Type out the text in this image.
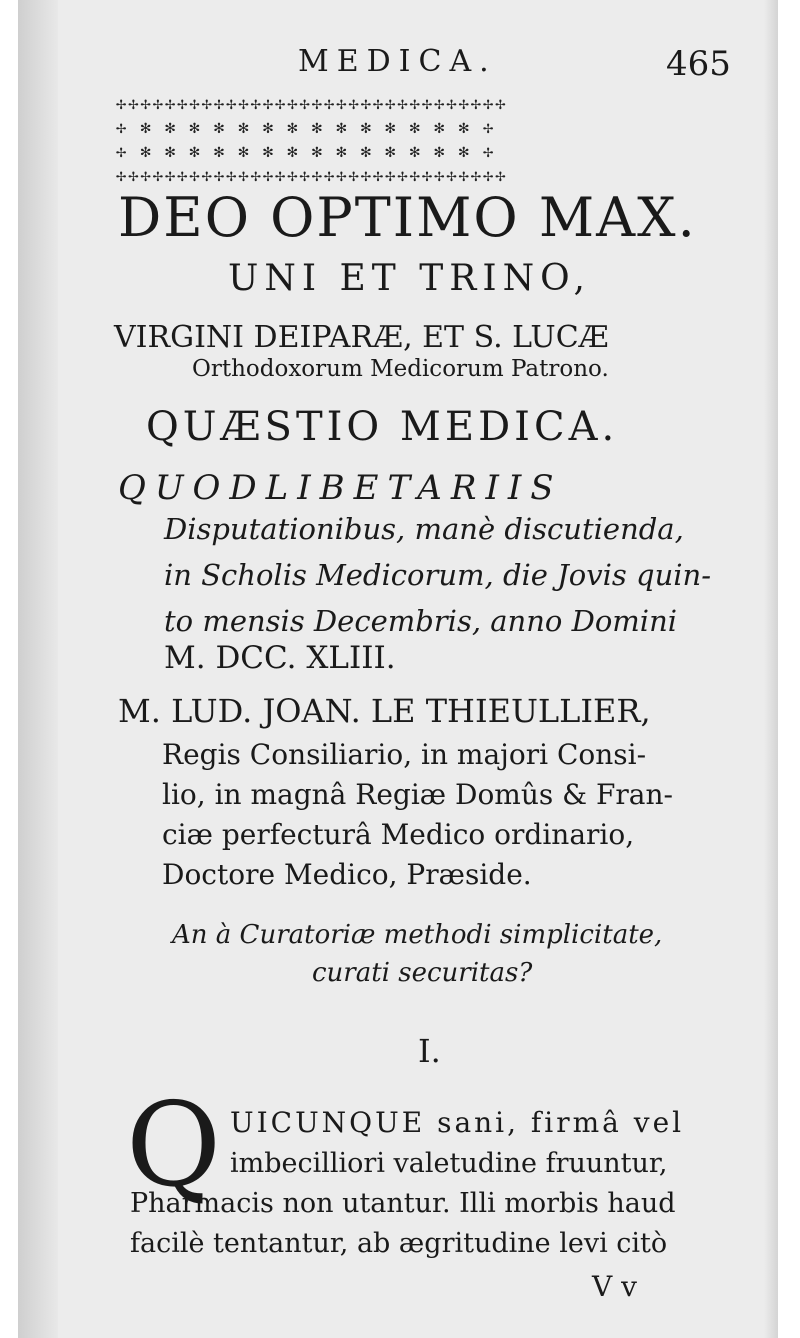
MEDICA.	465
✢✢✢✢✢✢✢✢✢✢✢✢✢✢✢✢✢✢✢✢✢✢✢✢✢✢✢✢✢✢✢✢
✢ ✻ ✻ ✻ ✻ ✻ ✻ ✻ ✻ ✻ ✻ ✻ ✻ ✻ ✻ ✢
✢ ✻ ✻ ✻ ✻ ✻ ✻ ✻ ✻ ✻ ✻ ✻ ✻ ✻ ✻ ✢
✢✢✢✢✢✢✢✢✢✢✢✢✢✢✢✢✢✢✢✢✢✢✢✢✢✢✢✢✢✢✢✢
DEO OPTIMO MAX.
UNI ET TRINO,
VIRGINI DEIPARÆ, ET S. LUCÆ
Orthodoxorum Medicorum Patrono.
QUÆSTIO MEDICA.
QUODLIBETARIIS
Disputationibus, manè discutienda,
in Scholis Medicorum, die Jovis quin-
to mensis Decembris, anno Domini
M. DCC. XLIII.
M. LUD. JOAN. LE THIEULLIER,
Regis Consiliario, in majori Consi-
lio, in magnâ Regiæ Domûs & Fran-
ciæ perfecturâ Medico ordinario,
Doctore Medico, Præside.
An à Curatoriæ methodi simplicitate,
curati securitas?
I.
Q UICUNQUE sani, firmâ vel
imbecilliori valetudine fruuntur,
Pharmacis non utantur. Illi morbis haud
facilè tentantur, ab ægritudine levi citò
V v
